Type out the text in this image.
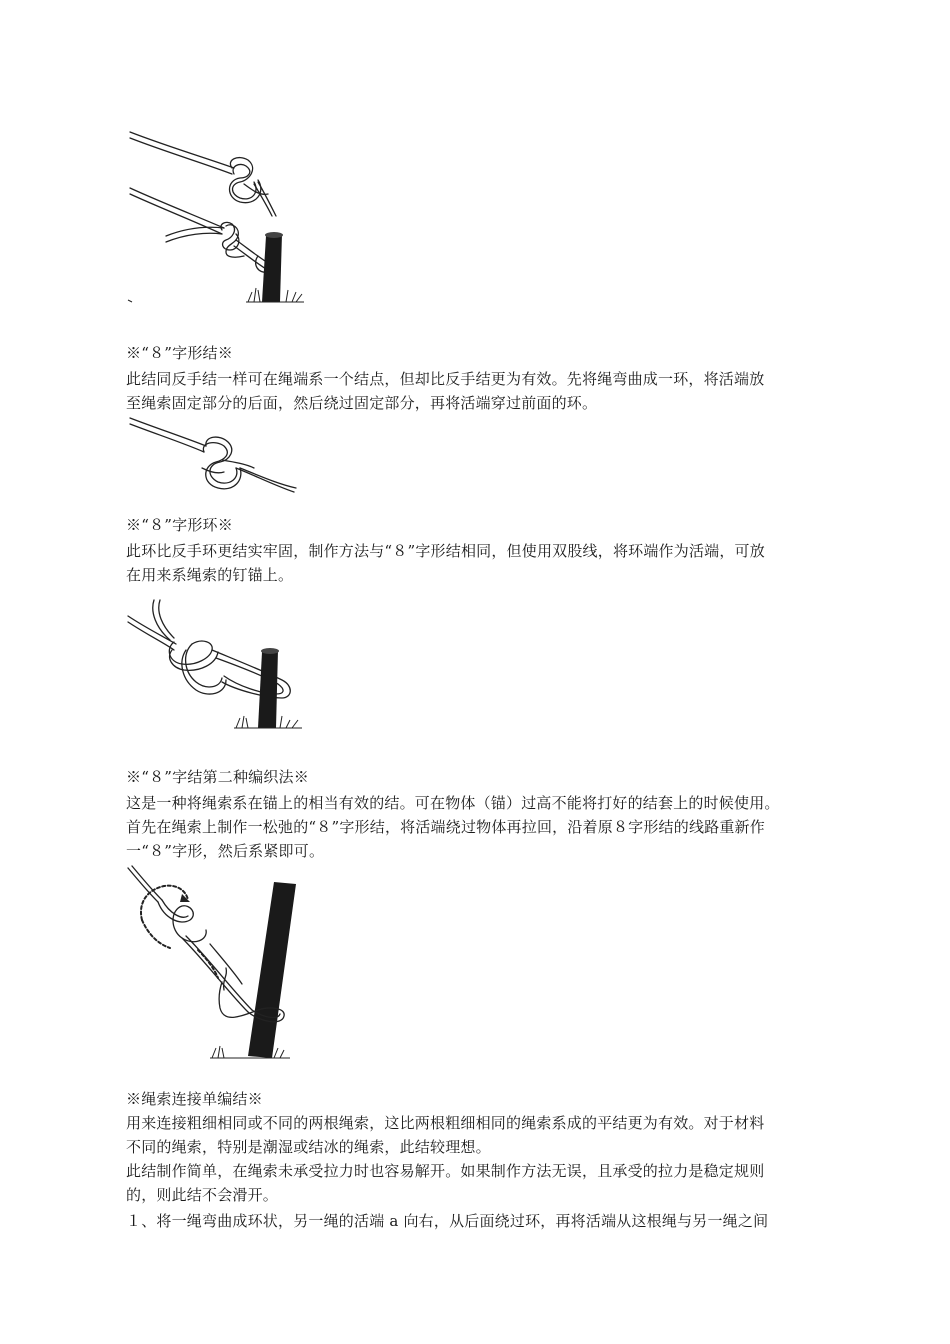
※“８”字形结※
此结同反手结一样可在绳端系一个结点，但却比反手结更为有效。先将绳弯曲成一环，将活端放
至绳索固定部分的后面，然后绕过固定部分，再将活端穿过前面的环。
※“８”字形环※
此环比反手环更结实牢固，制作方法与“８”字形结相同，但使用双股线，将环端作为活端，可放
在用来系绳索的钉锚上。
※“８”字结第二种编织法※
这是一种将绳索系在锚上的相当有效的结。可在物体（锚）过高不能将打好的结套上的时候使用。
首先在绳索上制作一松弛的“８”字形结，将活端绕过物体再拉回，沿着原８字形结的线路重新作
一“８”字形，然后系紧即可。
※绳索连接单编结※
用来连接粗细相同或不同的两根绳索，这比两根粗细相同的绳索系成的平结更为有效。对于材料
不同的绳索，特别是潮湿或结冰的绳索，此结较理想。
此结制作简单，在绳索未承受拉力时也容易解开。如果制作方法无误，且承受的拉力是稳定规则
的，则此结不会滑开。
１、将一绳弯曲成环状，另一绳的活端 a 向右，从后面绕过环，再将活端从这根绳与另一绳之间
